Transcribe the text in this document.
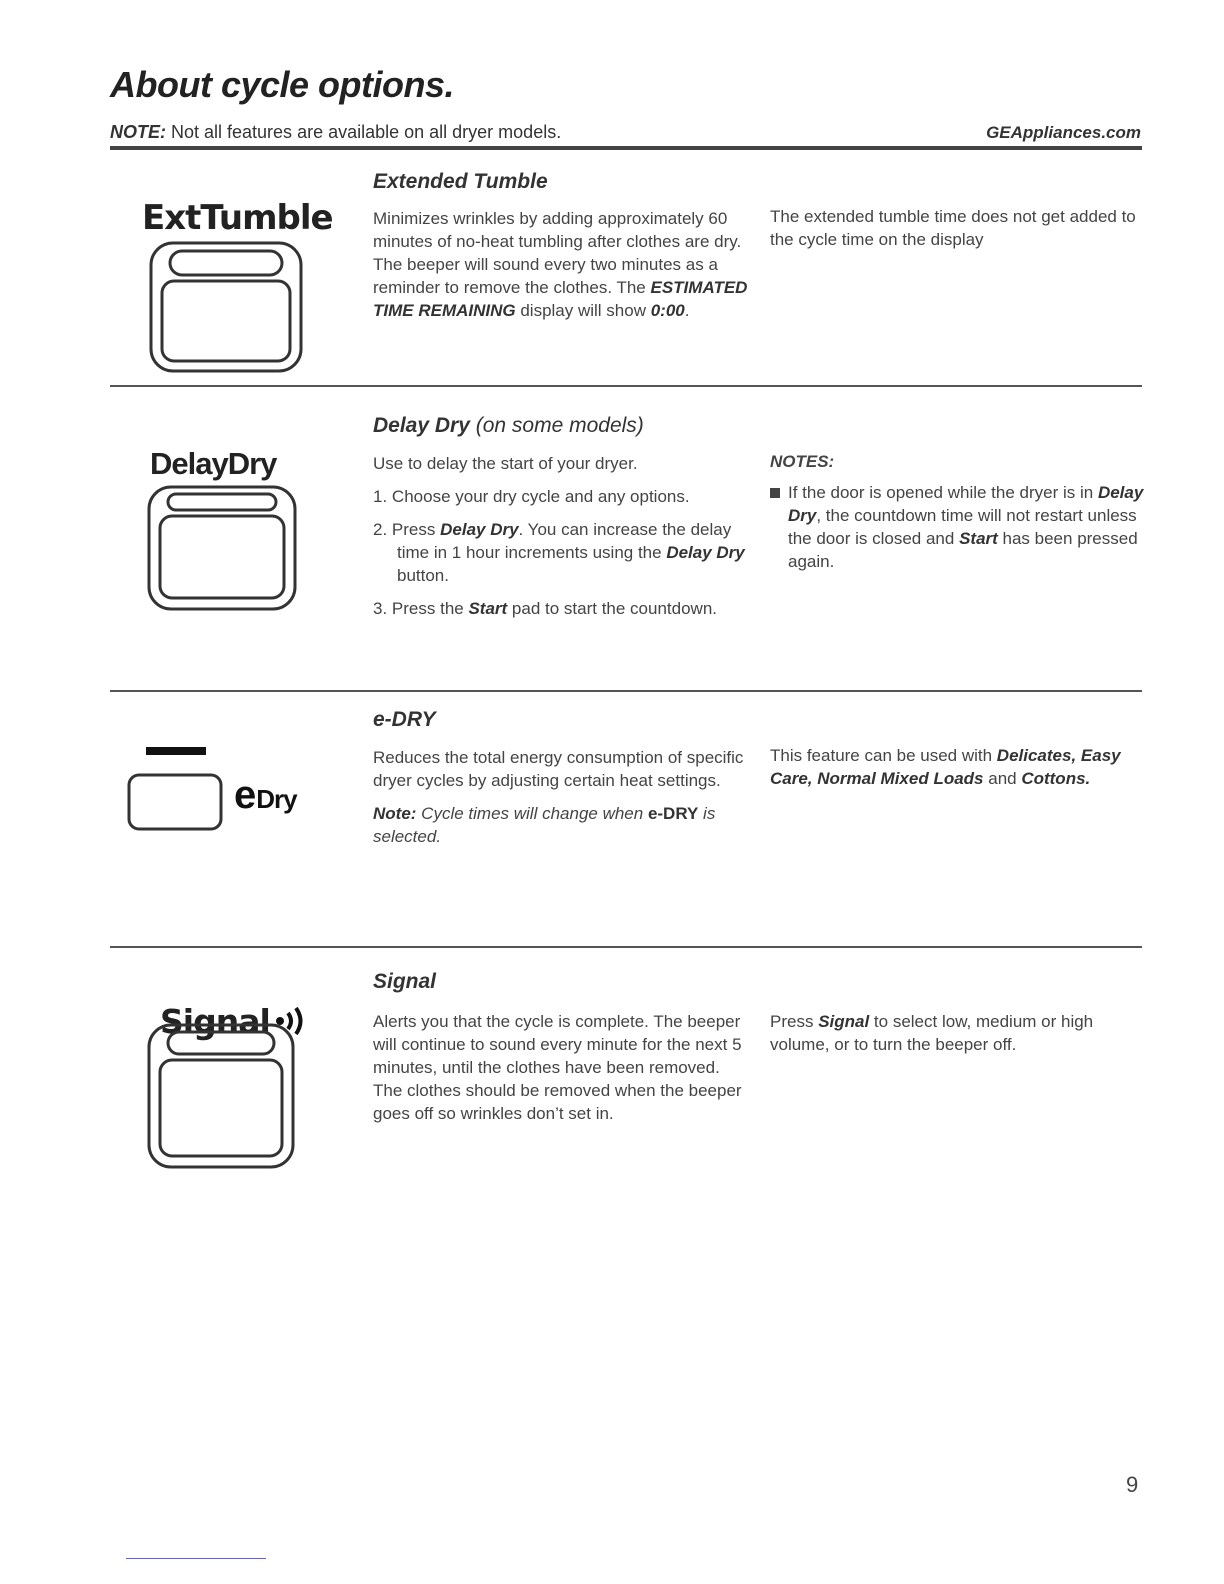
About cycle options.
NOTE: Not all features are available on all dryer models.	GEAppliances.com
ExtTumble
Extended Tumble

Minimizes wrinkles by adding approximately 60 minutes of no-heat tumbling after clothes are dry. The beeper will sound every two minutes as a reminder to remove the clothes. The ESTIMATED TIME REMAINING display will show 0:00.

The extended tumble time does not get added to the cycle time on the display

DelayDry
Delay Dry (on some models)

Use to delay the start of your dryer.

1. Choose your dry cycle and any options.
2. Press Delay Dry. You can increase the delay time in 1 hour increments using the Delay Dry button.
3. Press the Start pad to start the countdown.
NOTES:

If the door is opened while the dryer is in Delay Dry, the countdown time will not restart unless the door is closed and Start has been pressed again.

eDry
e-DRY

Reduces the total energy consumption of specific dryer cycles by adjusting certain heat settings.

Note: Cycle times will change when e-DRY is selected.

This feature can be used with Delicates, Easy Care, Normal Mixed Loads and Cottons.

Signal
Signal

Alerts you that the cycle is complete. The beeper will continue to sound every minute for the next 5 minutes, until the clothes have been removed. The clothes should be removed when the beeper goes off so wrinkles don’t set in.

Press Signal to select low, medium or high volume, or to turn the beeper off.

9
